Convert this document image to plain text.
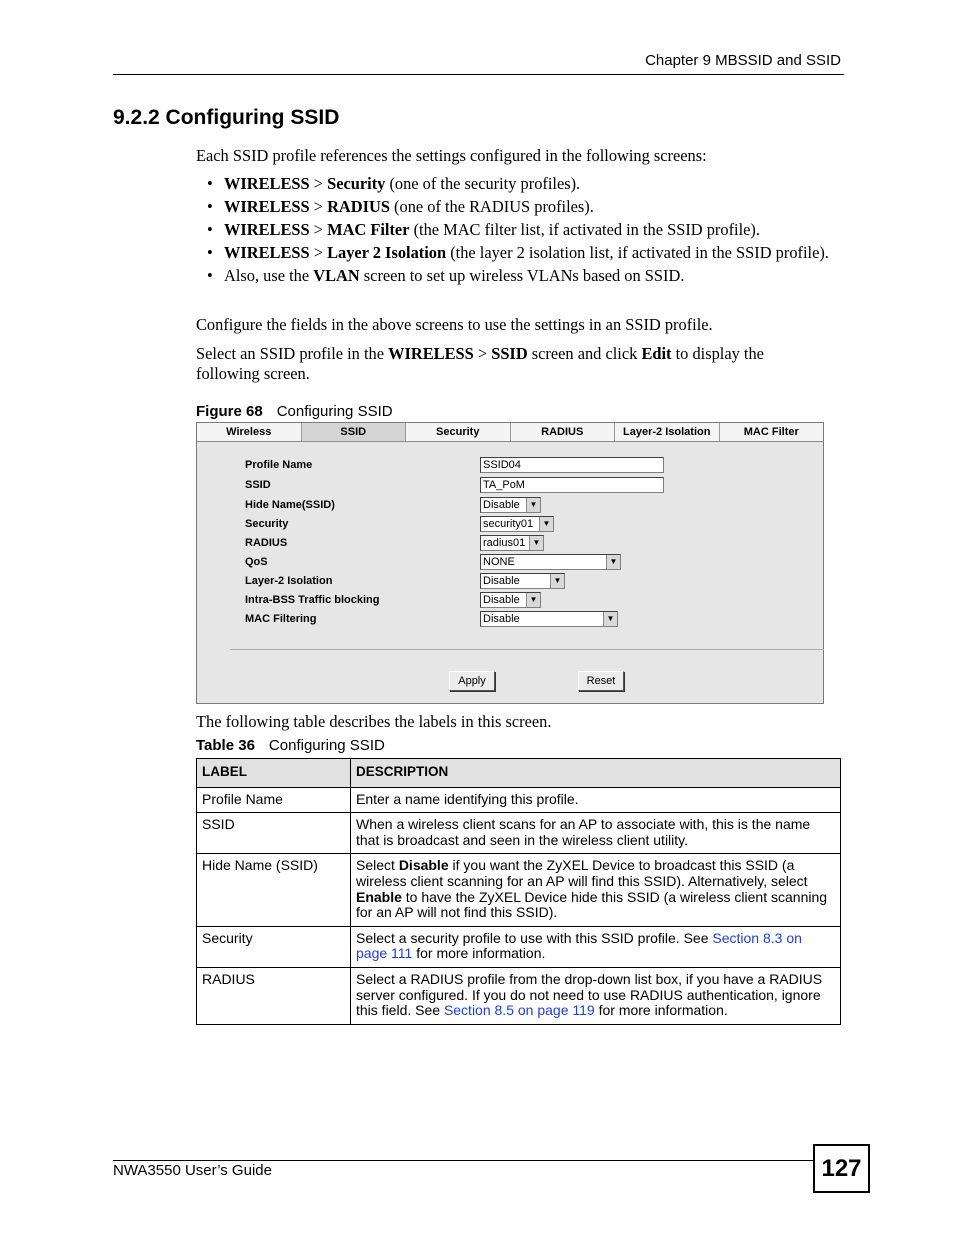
Chapter 9 MBSSID and SSID
9.2.2 Configuring SSID
Each SSID profile references the settings configured in the following screens:
• WIRELESS > Security (one of the security profiles).
• WIRELESS > RADIUS (one of the RADIUS profiles).
• WIRELESS > MAC Filter (the MAC filter list, if activated in the SSID profile).
• WIRELESS > Layer 2 Isolation (the layer 2 isolation list, if activated in the SSID profile).
• Also, use the VLAN screen to set up wireless VLANs based on SSID.
Configure the fields in the above screens to use the settings in an SSID profile.
Select an SSID profile in the WIRELESS > SSID screen and click Edit to display the following screen.
Figure 68 Configuring SSID
Wireless	SSID	Security	RADIUS	Layer-2 Isolation	MAC Filter
Profile Name	SSID04
SSID	TA_PoM
Hide Name(SSID)	Disable	▼
Security	security01	▼
RADIUS	radius01 ▼
QoS	NONE	▼
Layer-2 Isolation	Disable	▼
Intra-BSS Traffic blocking	Disable	▼
MAC Filtering	Disable	▼
Apply	Reset
The following table describes the labels in this screen.
Table 36 Configuring SSID
LABEL	DESCRIPTION
Profile Name	Enter a name identifying this profile.
SSID	When a wireless client scans for an AP to associate with, this is the name that is broadcast and seen in the wireless client utility.
Hide Name (SSID)	Select Disable if you want the ZyXEL Device to broadcast this SSID (a wireless client scanning for an AP will find this SSID). Alternatively, select Enable to have the ZyXEL Device hide this SSID (a wireless client scanning for an AP will not find this SSID).
Security	Select a security profile to use with this SSID profile. See Section 8.3 on page 111 for more information.
RADIUS	Select a RADIUS profile from the drop-down list box, if you have a RADIUS server configured. If you do not need to use RADIUS authentication, ignore this field. See Section 8.5 on page 119 for more information.
NWA3550 User’s Guide	127
